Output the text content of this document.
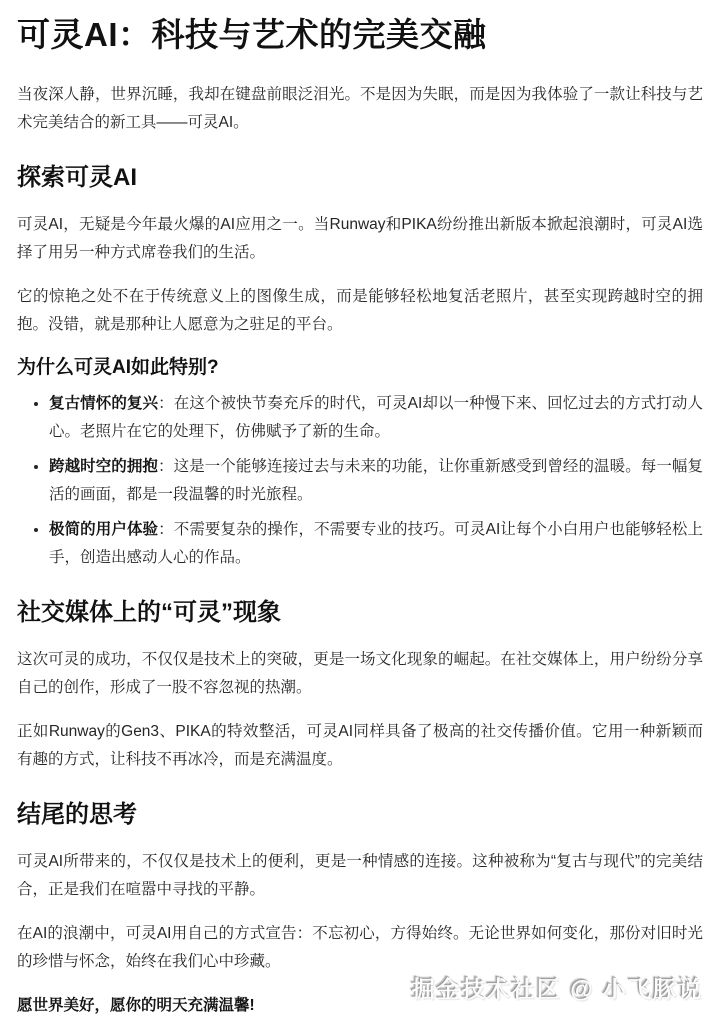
可灵AI：科技与艺术的完美交融

当夜深人静，世界沉睡，我却在键盘前眼泛泪光。不是因为失眠，而是因为我体验了一款让科技与艺术完美结合的新工具——可灵AI。

探索可灵AI

可灵AI，无疑是今年最火爆的AI应用之一。当Runway和PIKA纷纷推出新版本掀起浪潮时，可灵AI选择了用另一种方式席卷我们的生活。

它的惊艳之处不在于传统意义上的图像生成，而是能够轻松地复活老照片，甚至实现跨越时空的拥抱。没错，就是那种让人愿意为之驻足的平台。

为什么可灵AI如此特别?
• 复古情怀的复兴：在这个被快节奏充斥的时代，可灵AI却以一种慢下来、回忆过去的方式打动人心。老照片在它的处理下，仿佛赋予了新的生命。
• 跨越时空的拥抱：这是一个能够连接过去与未来的功能，让你重新感受到曾经的温暖。每一幅复活的画面，都是一段温馨的时光旅程。
• 极简的用户体验：不需要复杂的操作，不需要专业的技巧。可灵AI让每个小白用户也能够轻松上手，创造出感动人心的作品。
社交媒体上的“可灵”现象

这次可灵的成功，不仅仅是技术上的突破，更是一场文化现象的崛起。在社交媒体上，用户纷纷分享自己的创作，形成了一股不容忽视的热潮。

正如Runway的Gen3、PIKA的特效整活，可灵AI同样具备了极高的社交传播价值。它用一种新颖而有趣的方式，让科技不再冰冷，而是充满温度。

结尾的思考

可灵AI所带来的，不仅仅是技术上的便利，更是一种情感的连接。这种被称为“复古与现代”的完美结合，正是我们在喧嚣中寻找的平静。

在AI的浪潮中，可灵AI用自己的方式宣告：不忘初心，方得始终。无论世界如何变化，那份对旧时光的珍惜与怀念，始终在我们心中珍藏。

愿世界美好，愿你的明天充满温馨!

掘金技术社区 @ 小飞豚说
